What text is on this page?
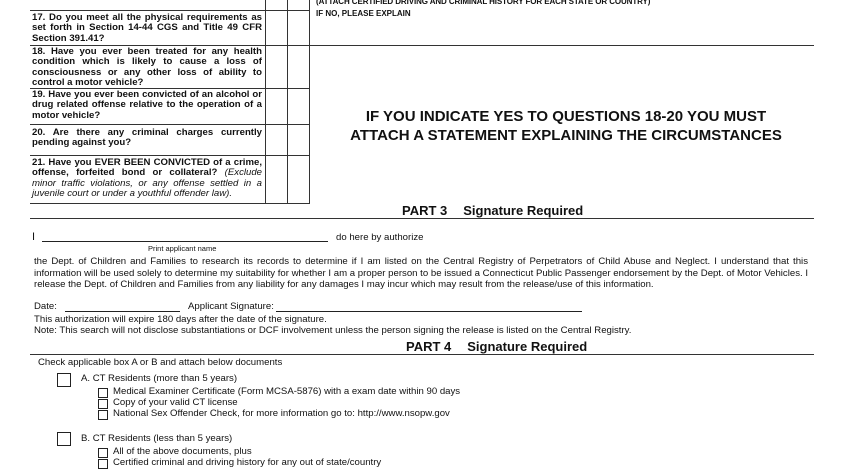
(ATTACH CERTIFIED DRIVING AND CRIMINAL HISTORY FOR EACH STATE OR COUNTRY)
IF NO, PLEASE EXPLAIN
17. Do you meet all the physical requirements as set forth in Section 14-44 CGS and Title 49 CFR Section 391.41?
18. Have you ever been treated for any health condition which is likely to cause a loss of consciousness or any other loss of ability to control a motor vehicle?
19. Have you ever been convicted of an alcohol or drug related offense relative to the operation of a motor vehicle?
20. Are there any criminal charges currently pending against you?
21. Have you EVER BEEN CONVICTED of a crime, offense, forfeited bond or collateral? (Exclude minor traffic violations, or any offense settled in a juvenile court or under a youthful offender law).
IF YOU INDICATE YES TO QUESTIONS 18-20 YOU MUST
ATTACH A STATEMENT EXPLAINING THE CIRCUMSTANCES
PART 3 Signature Required
I	do here by authorize
Print applicant name
the Dept. of Children and Families to research its records to determine if I am listed on the Central Registry of Perpetrators of Child Abuse and Neglect. I understand that this information will be used solely to determine my suitability for whether I am a proper person to be issued a Connecticut Public Passenger endorsement by the Dept. of Motor Vehicles. I release the Dept. of Children and Families from any liability for any damages I may incur which may result from the release/use of this information.
Date:	Applicant Signature:
This authorization will expire 180 days after the date of the signature.
Note: This search will not disclose substantiations or DCF involvement unless the person signing the release is listed on the Central Registry.
PART 4 Signature Required
Check applicable box A or B and attach below documents
A. CT Residents (more than 5 years)
Medical Examiner Certificate (Form MCSA-5876) with a exam date within 90 days
Copy of your valid CT license
National Sex Offender Check, for more information go to: http://www.nsopw.gov
B. CT Residents (less than 5 years)
All of the above documents, plus
Certified criminal and driving history for any out of state/country
